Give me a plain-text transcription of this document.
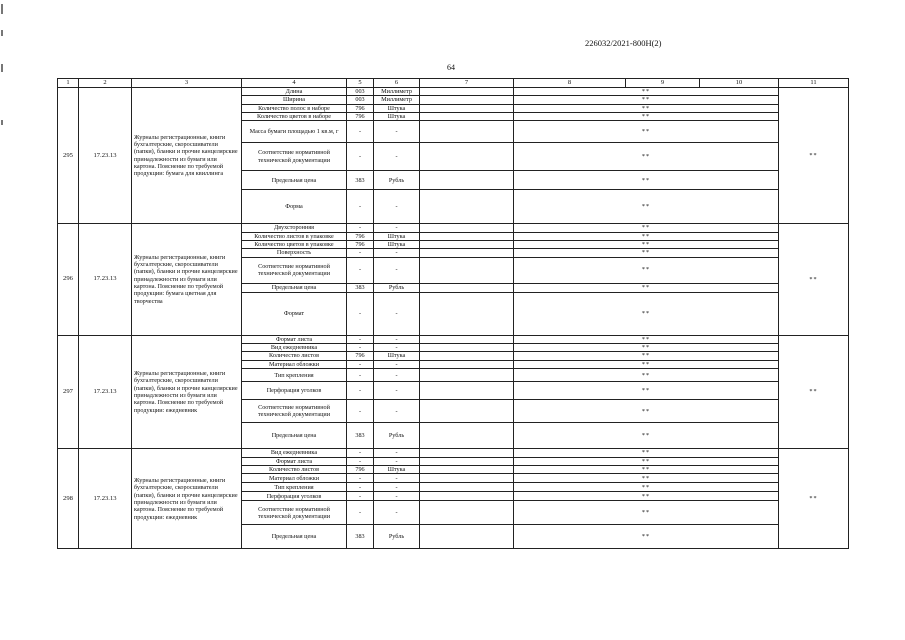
226032/2021-800Н(2)
64
1	2	3	4	5	6	7	8	9	10	11
295	17.23.13	Журналы регистрационные, книги бухгалтерские, скоросшиватели (папки), бланки и прочие канцелярские принадлежности из бумаги или картона. Пояснение по требуемой продукции: бумага для квиллинга	Длина	003	Миллиметр		**			**
			Ширина	003	Миллиметр		**			
			Количество полос в наборе	796	Штука		**			
			Количество цветов в наборе	796	Штука		**			
			Масса бумаги площадью 1 кв.м, г	-	-		**			
			Соответствие нормативной технической документации	-	-		**			
			Предельная цена	383	Рубль		**			
			Форма	-	-		**			
296	17.23.13	Журналы регистрационные, книги бухгалтерские, скоросшиватели (папки), бланки и прочие канцелярские принадлежности из бумаги или картона. Пояснение по требуемой продукции: бумага цветная для творчества	Двухсторонняя	-	-		**			**
			Количество листов в упаковке	796	Штука		**			
			Количество цветов в упаковке	796	Штука		**			
			Поверхность	-	-		**			
			Соответствие нормативной технической документации	-	-		**			
			Предельная цена	383	Рубль		**			
			Формат	-	-		**			
297	17.23.13	Журналы регистрационные, книги бухгалтерские, скоросшиватели (папки), бланки и прочие канцелярские принадлежности из бумаги или картона. Пояснение по требуемой продукции: ежедневник	Формат листа	-	-		**			**
			Вид ежедневника	-	-		**			
			Количество листов	796	Штука		**			
			Материал обложки	-	-		**			
			Тип крепления	-	-		**			
			Перфорация уголков	-	-		**			
			Соответствие нормативной технической документации	-	-		**			
			Предельная цена	383	Рубль		**			
298	17.23.13	Журналы регистрационные, книги бухгалтерские, скоросшиватели (папки), бланки и прочие канцелярские принадлежности из бумаги или картона. Пояснение по требуемой продукции: ежедневник	Вид ежедневника	-	-		**			**
			Формат листа	-	-		**			
			Количество листов	796	Штука		**			
			Материал обложки	-	-		**			
			Тип крепления	-	-		**			
			Перфорация уголков	-	-		**			
			Соответствие нормативной технической документации	-	-		**			
			Предельная цена	383	Рубль		**			
